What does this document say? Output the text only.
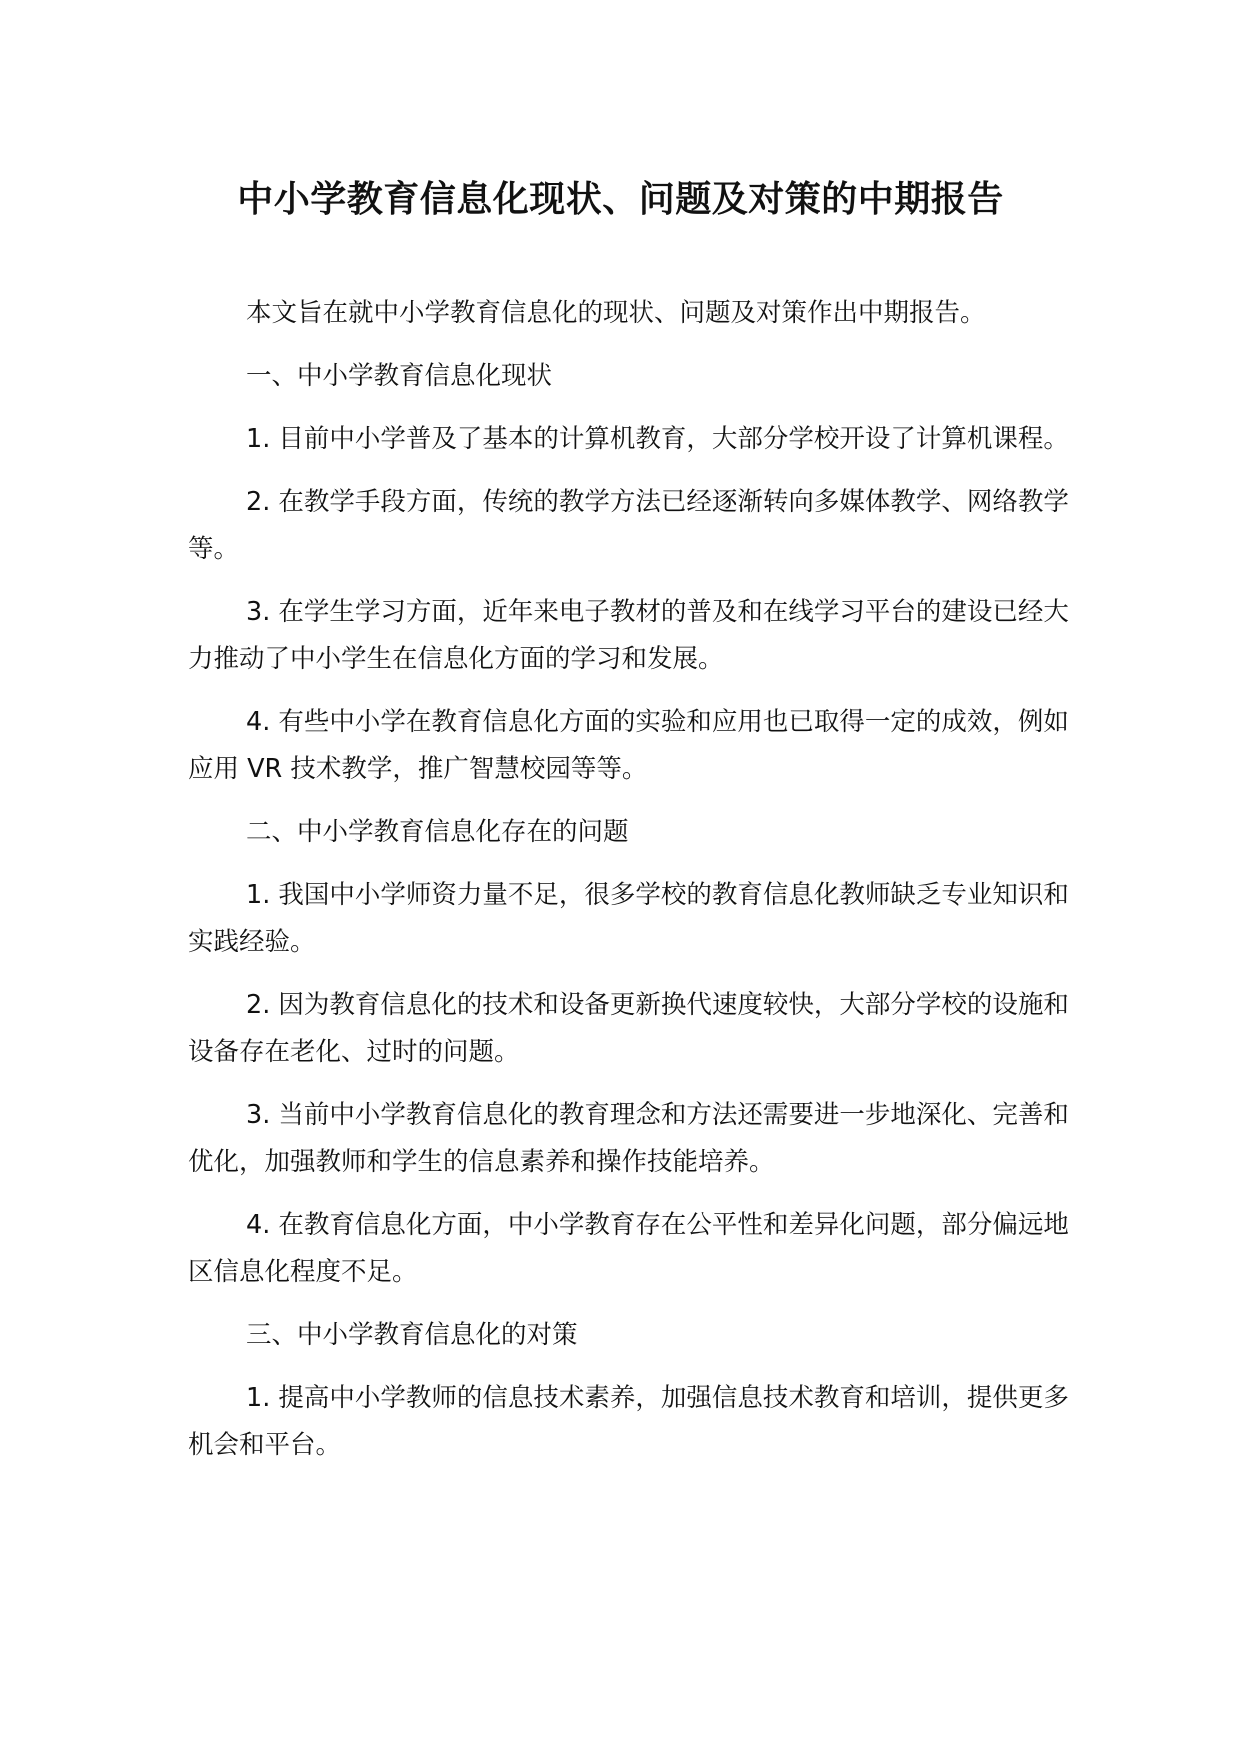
中小学教育信息化现状、问题及对策的中期报告

本文旨在就中小学教育信息化的现状、问题及对策作出中期报告。

一、中小学教育信息化现状

1. 目前中小学普及了基本的计算机教育，大部分学校开设了计算机课程。

2. 在教学手段方面，传统的教学方法已经逐渐转向多媒体教学、网络教学等。

3. 在学生学习方面，近年来电子教材的普及和在线学习平台的建设已经大力推动了中小学生在信息化方面的学习和发展。

4. 有些中小学在教育信息化方面的实验和应用也已取得一定的成效，例如应用 VR 技术教学，推广智慧校园等等。

二、中小学教育信息化存在的问题

1. 我国中小学师资力量不足，很多学校的教育信息化教师缺乏专业知识和实践经验。

2. 因为教育信息化的技术和设备更新换代速度较快，大部分学校的设施和设备存在老化、过时的问题。

3. 当前中小学教育信息化的教育理念和方法还需要进一步地深化、完善和优化，加强教师和学生的信息素养和操作技能培养。

4. 在教育信息化方面，中小学教育存在公平性和差异化问题，部分偏远地区信息化程度不足。

三、中小学教育信息化的对策

1. 提高中小学教师的信息技术素养，加强信息技术教育和培训，提供更多机会和平台。
